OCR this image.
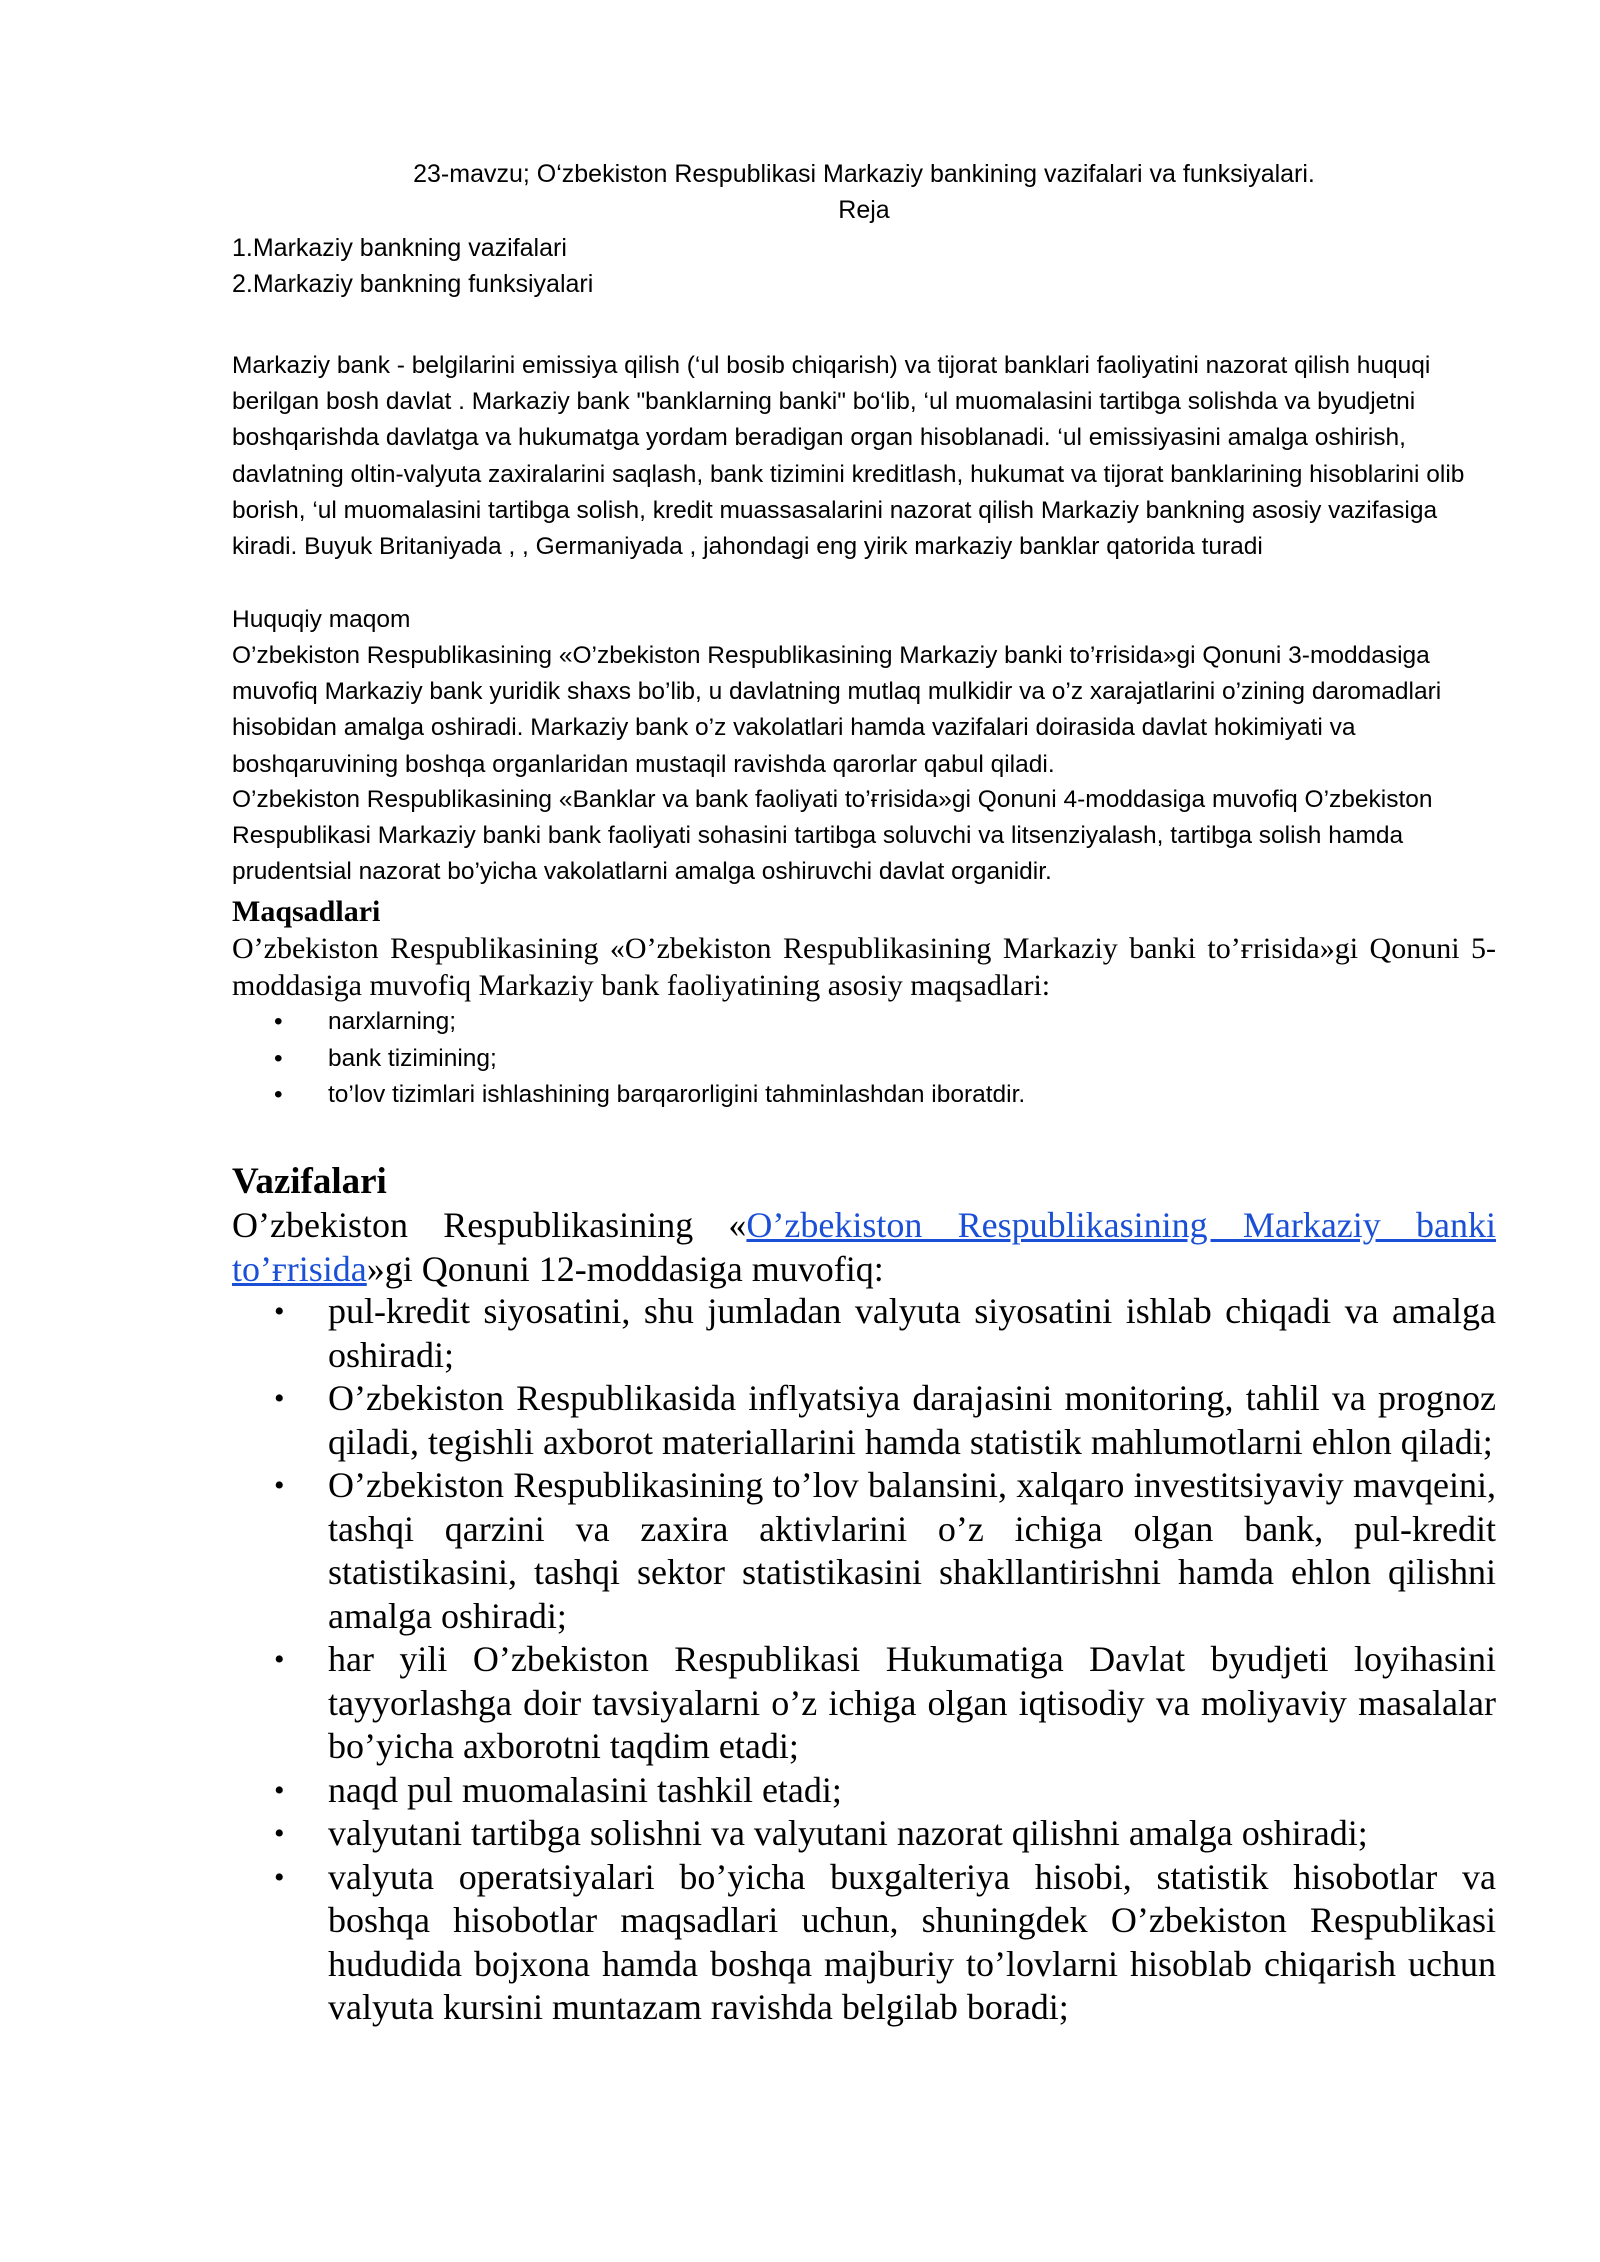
23-mavzu; O‘zbekiston Respublikasi Markaziy bankining vazifalari va funksiyalari.

Reja

1.Markaziy bankning vazifalari
2.Markaziy bankning funksiyalari

Markaziy bank - belgilarini emissiya qilish (‘ul bosib chiqarish) va tijorat banklari faoliyatini nazorat qilish huquqi berilgan bosh davlat . Markaziy bank "banklarning banki" bo‘lib, ‘ul muomalasini tartibga solishda va byudjetni boshqarishda davlatga va hukumatga yordam beradigan organ hisoblanadi. ‘ul emissiyasini amalga oshirish, davlatning oltin-valyuta zaxiralarini saqlash, bank tizimini kreditlash, hukumat va tijorat banklarining hisoblarini olib borish, ‘ul muomalasini tartibga solish, kredit muassasalarini nazorat qilish Markaziy bankning asosiy vazifasiga kiradi. Buyuk Britaniyada , , Germaniyada , jahondagi eng yirik markaziy banklar qatorida turadi

Huquqiy maqom

O’zbekiston Respublikasining «O’zbekiston Respublikasining Markaziy banki to’ғrisida»gi Qonuni 3-moddasiga muvofiq Markaziy bank yuridik shaxs bo’lib, u davlatning mutlaq mulkidir va o’z xarajatlarini o’zining daromadlari hisobidan amalga oshiradi. Markaziy bank o’z vakolatlari hamda vazifalari doirasida davlat hokimiyati va boshqaruvining boshqa organlaridan mustaqil ravishda qarorlar qabul qiladi.

O’zbekiston Respublikasining «Banklar va bank faoliyati to’ғrisida»gi Qonuni 4-moddasiga muvofiq O’zbekiston Respublikasi Markaziy banki bank faoliyati sohasini tartibga soluvchi va litsenziyalash, tartibga solish hamda prudentsial nazorat bo’yicha vakolatlarni amalga oshiruvchi davlat organidir.

Maqsadlari

O’zbekiston Respublikasining «O’zbekiston Respublikasining Markaziy banki to’ғrisida»gi Qonuni 5-moddasiga muvofiq Markaziy bank faoliyatining asosiy maqsadlari:

• narxlarning;
• bank tizimining;
• to’lov tizimlari ishlashining barqarorligini tahminlashdan iboratdir.

Vazifalari

O’zbekiston Respublikasining «O’zbekiston Respublikasining Markaziy banki to’ғrisida»gi Qonuni 12-moddasiga muvofiq:

• pul-kredit siyosatini, shu jumladan valyuta siyosatini ishlab chiqadi va amalga oshiradi;
• O’zbekiston Respublikasida inflyatsiya darajasini monitoring, tahlil va prognoz qiladi, tegishli axborot materiallarini hamda statistik mahlumotlarni ehlon qiladi;
• O’zbekiston Respublikasining to’lov balansini, xalqaro investitsiyaviy mavqeini, tashqi qarzini va zaxira aktivlarini o’z ichiga olgan bank, pul-kredit statistikasini, tashqi sektor statistikasini shakllantirishni hamda ehlon qilishni amalga oshiradi;
• har yili O’zbekiston Respublikasi Hukumatiga Davlat byudjeti loyihasini tayyorlashga doir tavsiyalarni o’z ichiga olgan iqtisodiy va moliyaviy masalalar bo’yicha axborotni taqdim etadi;
• naqd pul muomalasini tashkil etadi;
• valyutani tartibga solishni va valyutani nazorat qilishni amalga oshiradi;
• valyuta operatsiyalari bo’yicha buxgalteriya hisobi, statistik hisobotlar va boshqa hisobotlar maqsadlari uchun, shuningdek O’zbekiston Respublikasi hududida bojxona hamda boshqa majburiy to’lovlarni hisoblab chiqarish uchun valyuta kursini muntazam ravishda belgilab boradi;
